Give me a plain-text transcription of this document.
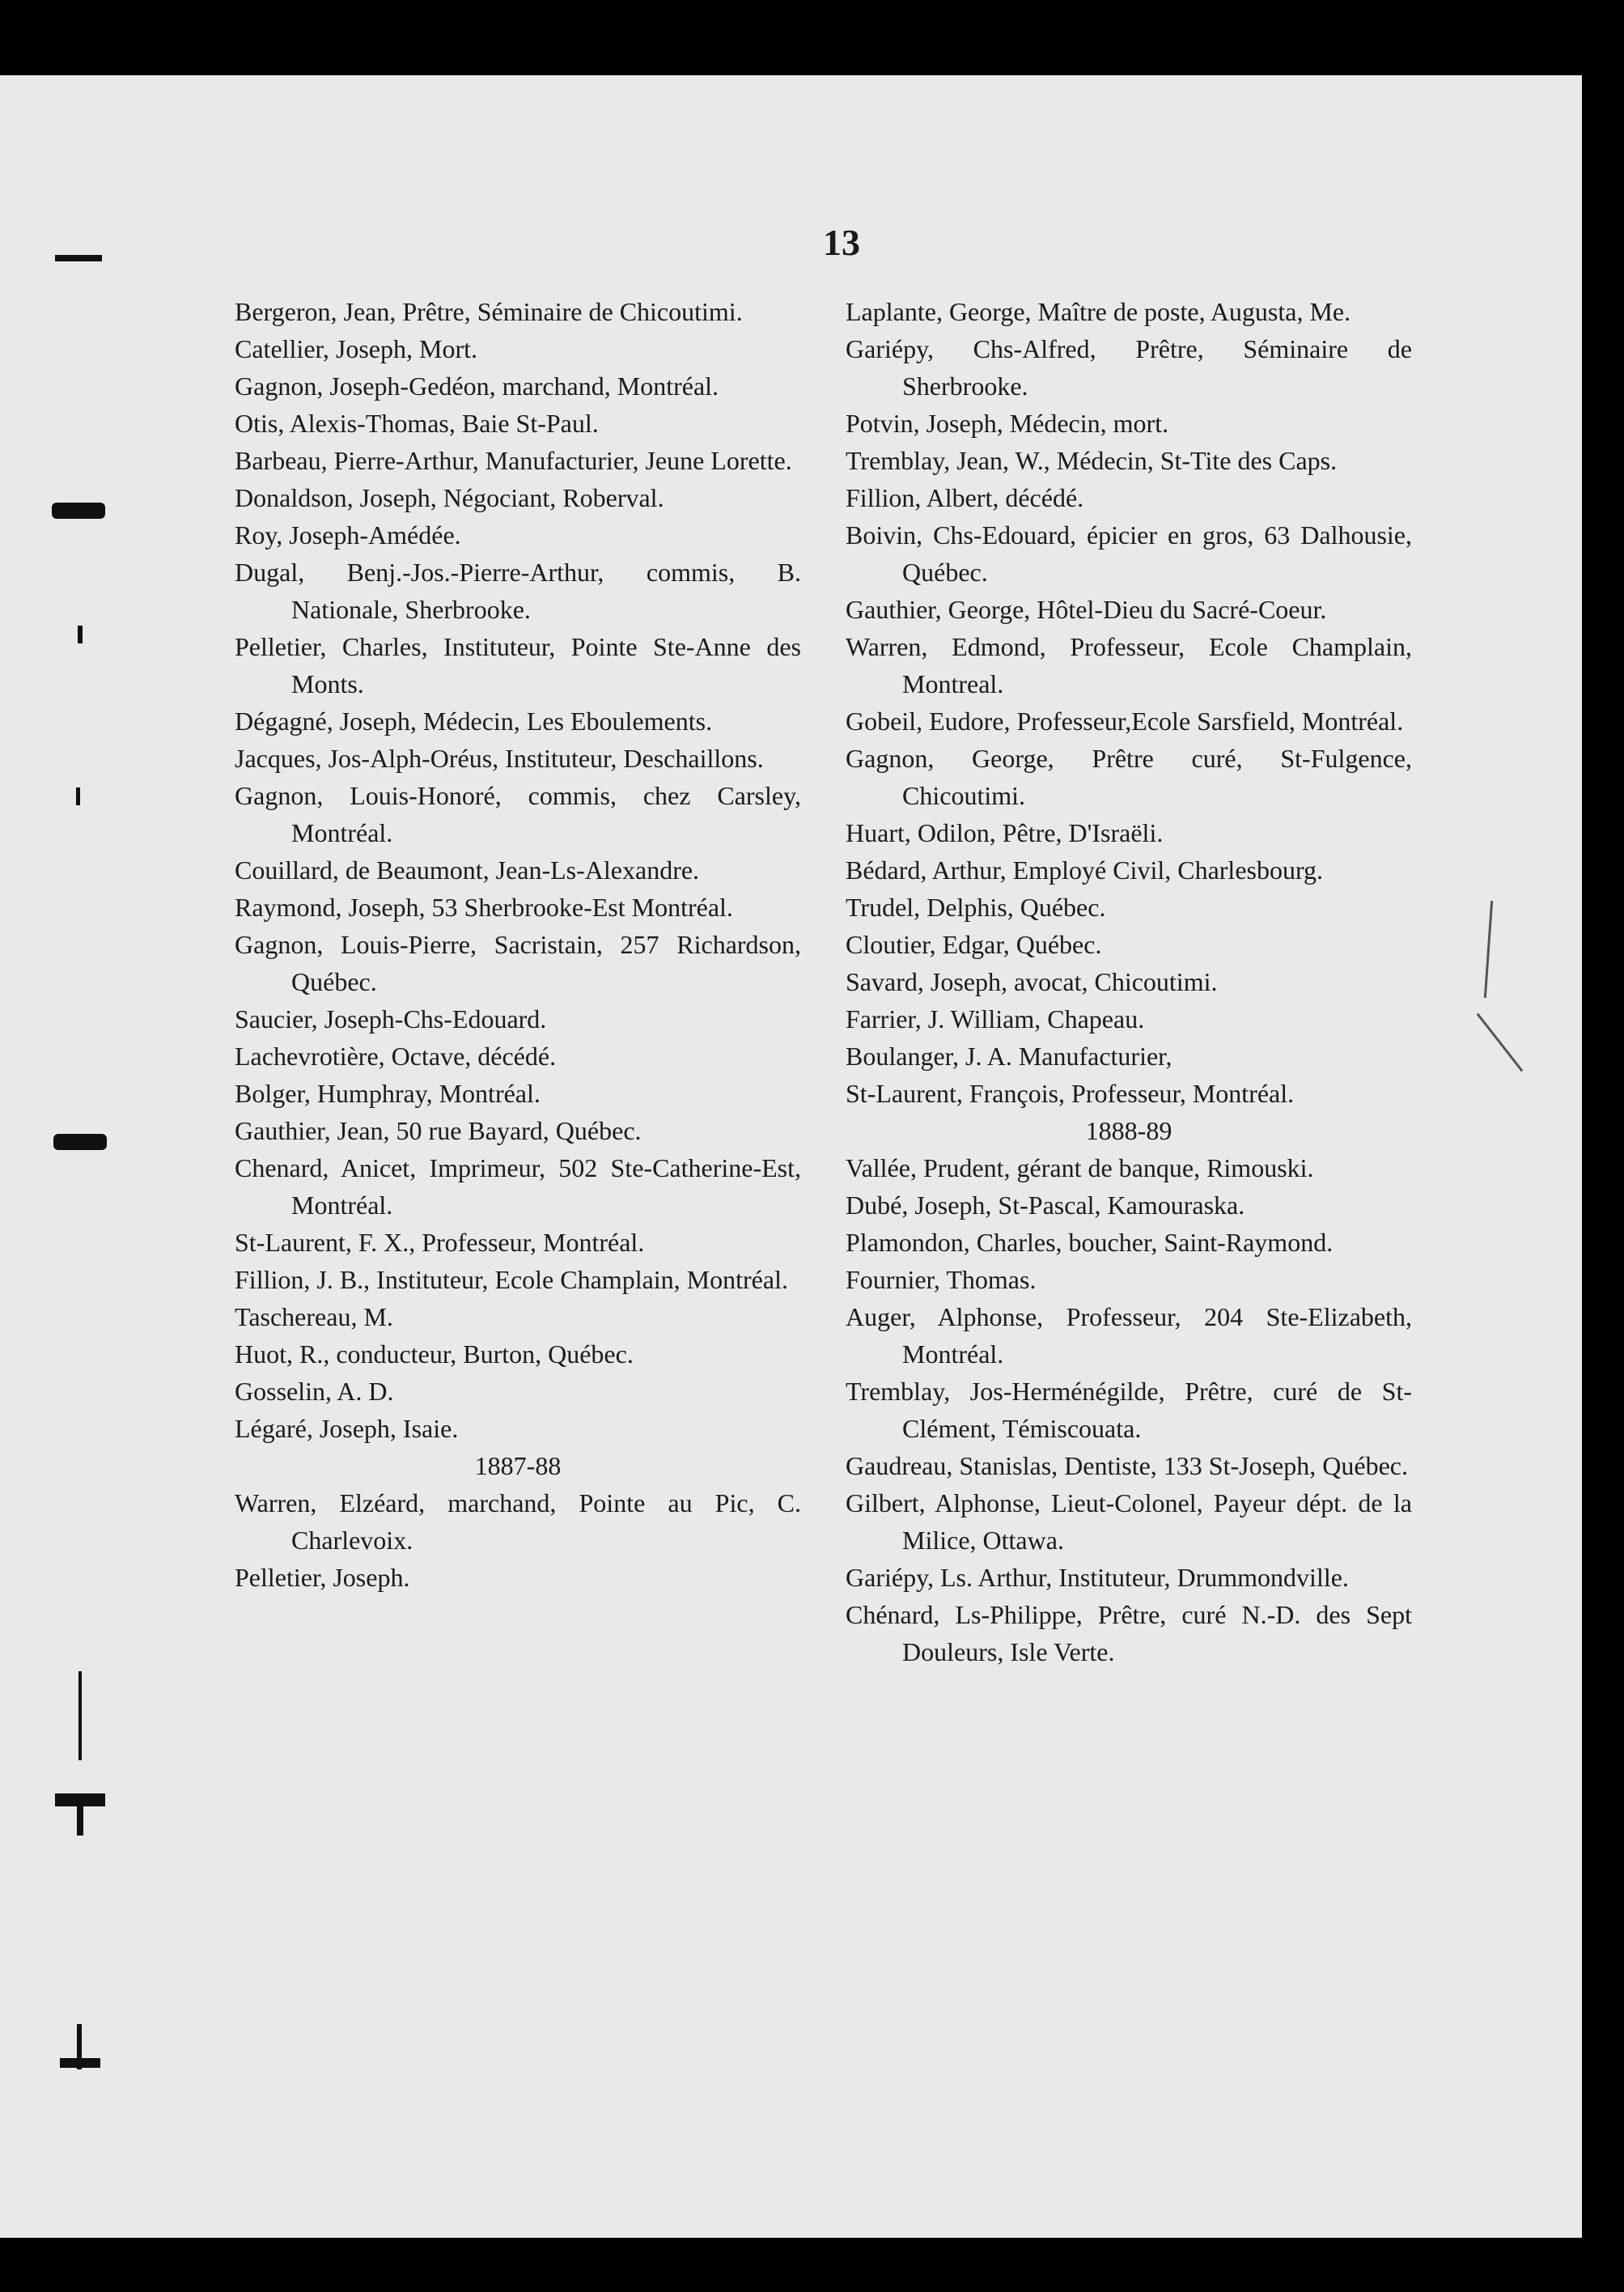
13

Bergeron, Jean, Prêtre, Séminaire de Chicoutimi.

Catellier, Joseph, Mort.

Gagnon, Joseph-Gedéon, marchand, Montréal.

Otis, Alexis-Thomas, Baie St-Paul.

Barbeau, Pierre-Arthur, Manufacturier, Jeune Lorette.

Donaldson, Joseph, Négociant, Roberval.

Roy, Joseph-Amédée.

Dugal, Benj.-Jos.-Pierre-Arthur, commis, B. Nationale, Sherbrooke.

Pelletier, Charles, Instituteur, Pointe Ste-Anne des Monts.

Dégagné, Joseph, Médecin, Les Eboulements.

Jacques, Jos-Alph-Oréus, Instituteur, Deschaillons.

Gagnon, Louis-Honoré, commis, chez Carsley, Montréal.

Couillard, de Beaumont, Jean-Ls-Alexandre.

Raymond, Joseph, 53 Sherbrooke-Est Montréal.

Gagnon, Louis-Pierre, Sacristain, 257 Richardson, Québec.

Saucier, Joseph-Chs-Edouard.

Lachevrotière, Octave, décédé.

Bolger, Humphray, Montréal.

Gauthier, Jean, 50 rue Bayard, Québec.

Chenard, Anicet, Imprimeur, 502 Ste-Catherine-Est, Montréal.

St-Laurent, F. X., Professeur, Montréal.

Fillion, J. B., Instituteur, Ecole Champlain, Montréal.

Taschereau, M.

Huot, R., conducteur, Burton, Québec.

Gosselin, A. D.

Légaré, Joseph, Isaie.

1887-88

Warren, Elzéard, marchand, Pointe au Pic, C. Charlevoix.

Pelletier, Joseph.

Laplante, George, Maître de poste, Augusta, Me.

Gariépy, Chs-Alfred, Prêtre, Séminaire de Sherbrooke.

Potvin, Joseph, Médecin, mort.

Tremblay, Jean, W., Médecin, St-Tite des Caps.

Fillion, Albert, décédé.

Boivin, Chs-Edouard, épicier en gros, 63 Dalhousie, Québec.

Gauthier, George, Hôtel-Dieu du Sacré-Coeur.

Warren, Edmond, Professeur, Ecole Champlain, Montreal.

Gobeil, Eudore, Professeur,Ecole Sarsfield, Montréal.

Gagnon, George, Prêtre curé, St-Fulgence, Chicoutimi.

Huart, Odilon, Pêtre, D'Israëli.

Bédard, Arthur, Employé Civil, Charlesbourg.

Trudel, Delphis, Québec.

Cloutier, Edgar, Québec.

Savard, Joseph, avocat, Chicoutimi.

Farrier, J. William, Chapeau.

Boulanger, J. A. Manufacturier,

St-Laurent, François, Professeur, Montréal.

1888-89

Vallée, Prudent, gérant de banque, Rimouski.

Dubé, Joseph, St-Pascal, Kamouraska.

Plamondon, Charles, boucher, Saint-Raymond.

Fournier, Thomas.

Auger, Alphonse, Professeur, 204 Ste-Elizabeth, Montréal.

Tremblay, Jos-Herménégilde, Prêtre, curé de St-Clément, Témiscouata.

Gaudreau, Stanislas, Dentiste, 133 St-Joseph, Québec.

Gilbert, Alphonse, Lieut-Colonel, Payeur dépt. de la Milice, Ottawa.

Gariépy, Ls. Arthur, Instituteur, Drummondville.

Chénard, Ls-Philippe, Prêtre, curé N.-D. des Sept Douleurs, Isle Verte.
